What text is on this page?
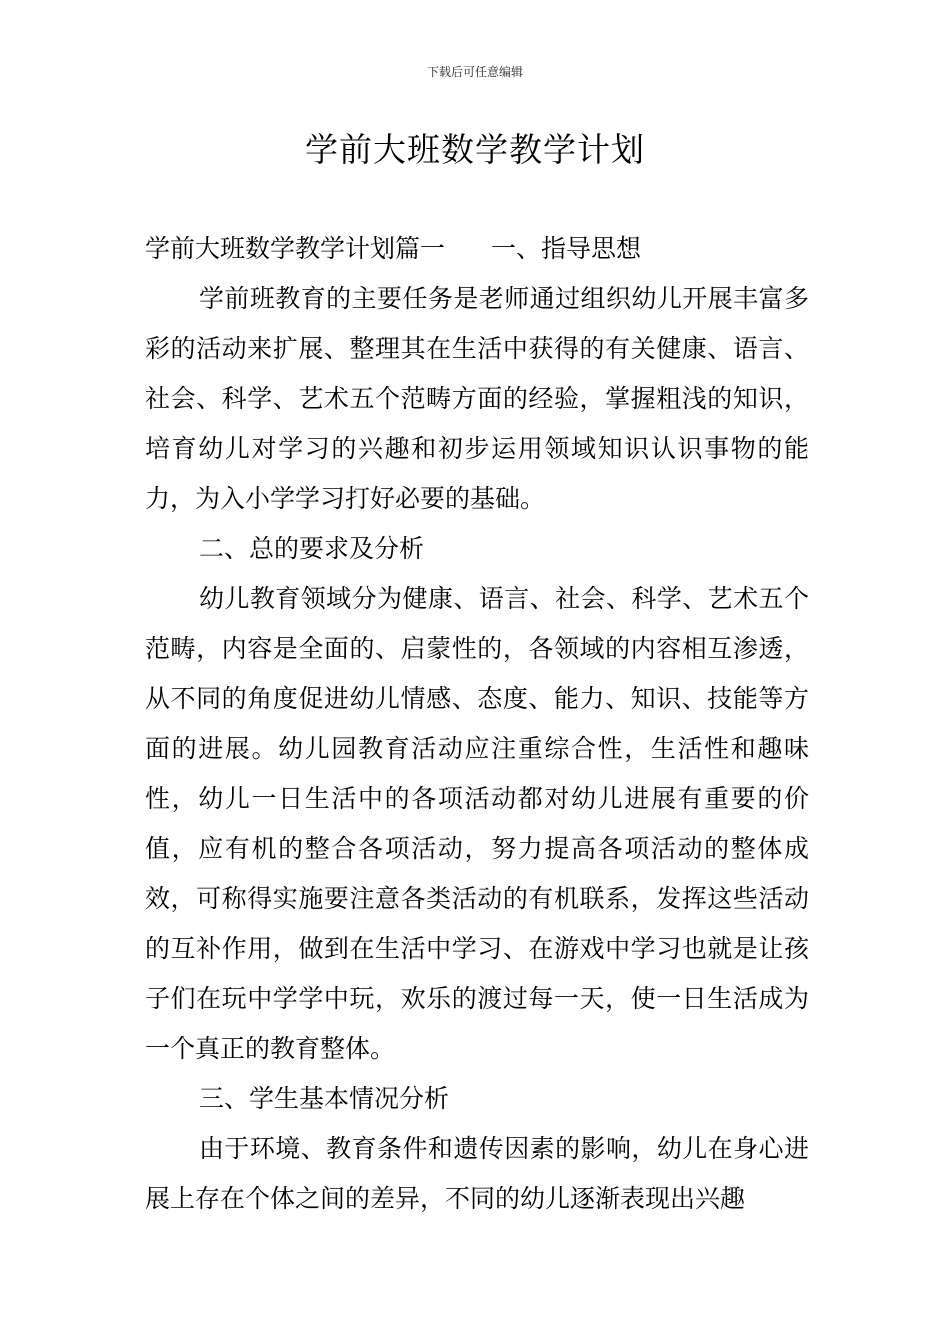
下载后可任意编辑
学前大班数学教学计划

学前大班数学教学计划篇一 一、指导思想

学前班教育的主要任务是老师通过组织幼儿开展丰富多彩的活动来扩展、整理其在生活中获得的有关健康、语言、社会、科学、艺术五个范畴方面的经验，掌握粗浅的知识，培育幼儿对学习的兴趣和初步运用领域知识认识事物的能力，为入小学学习打好必要的基础。

二、总的要求及分析

幼儿教育领域分为健康、语言、社会、科学、艺术五个范畴，内容是全面的、启蒙性的，各领域的内容相互渗透，从不同的角度促进幼儿情感、态度、能力、知识、技能等方面的进展。幼儿园教育活动应注重综合性，生活性和趣味性，幼儿一日生活中的各项活动都对幼儿进展有重要的价值，应有机的整合各项活动，努力提高各项活动的整体成效，可称得实施要注意各类活动的有机联系，发挥这些活动的互补作用，做到在生活中学习、在游戏中学习也就是让孩子们在玩中学学中玩，欢乐的渡过每一天，使一日生活成为一个真正的教育整体。

三、学生基本情况分析

由于环境、教育条件和遗传因素的影响，幼儿在身心进展上存在个体之间的差异，不同的幼儿逐渐表现出兴趣
